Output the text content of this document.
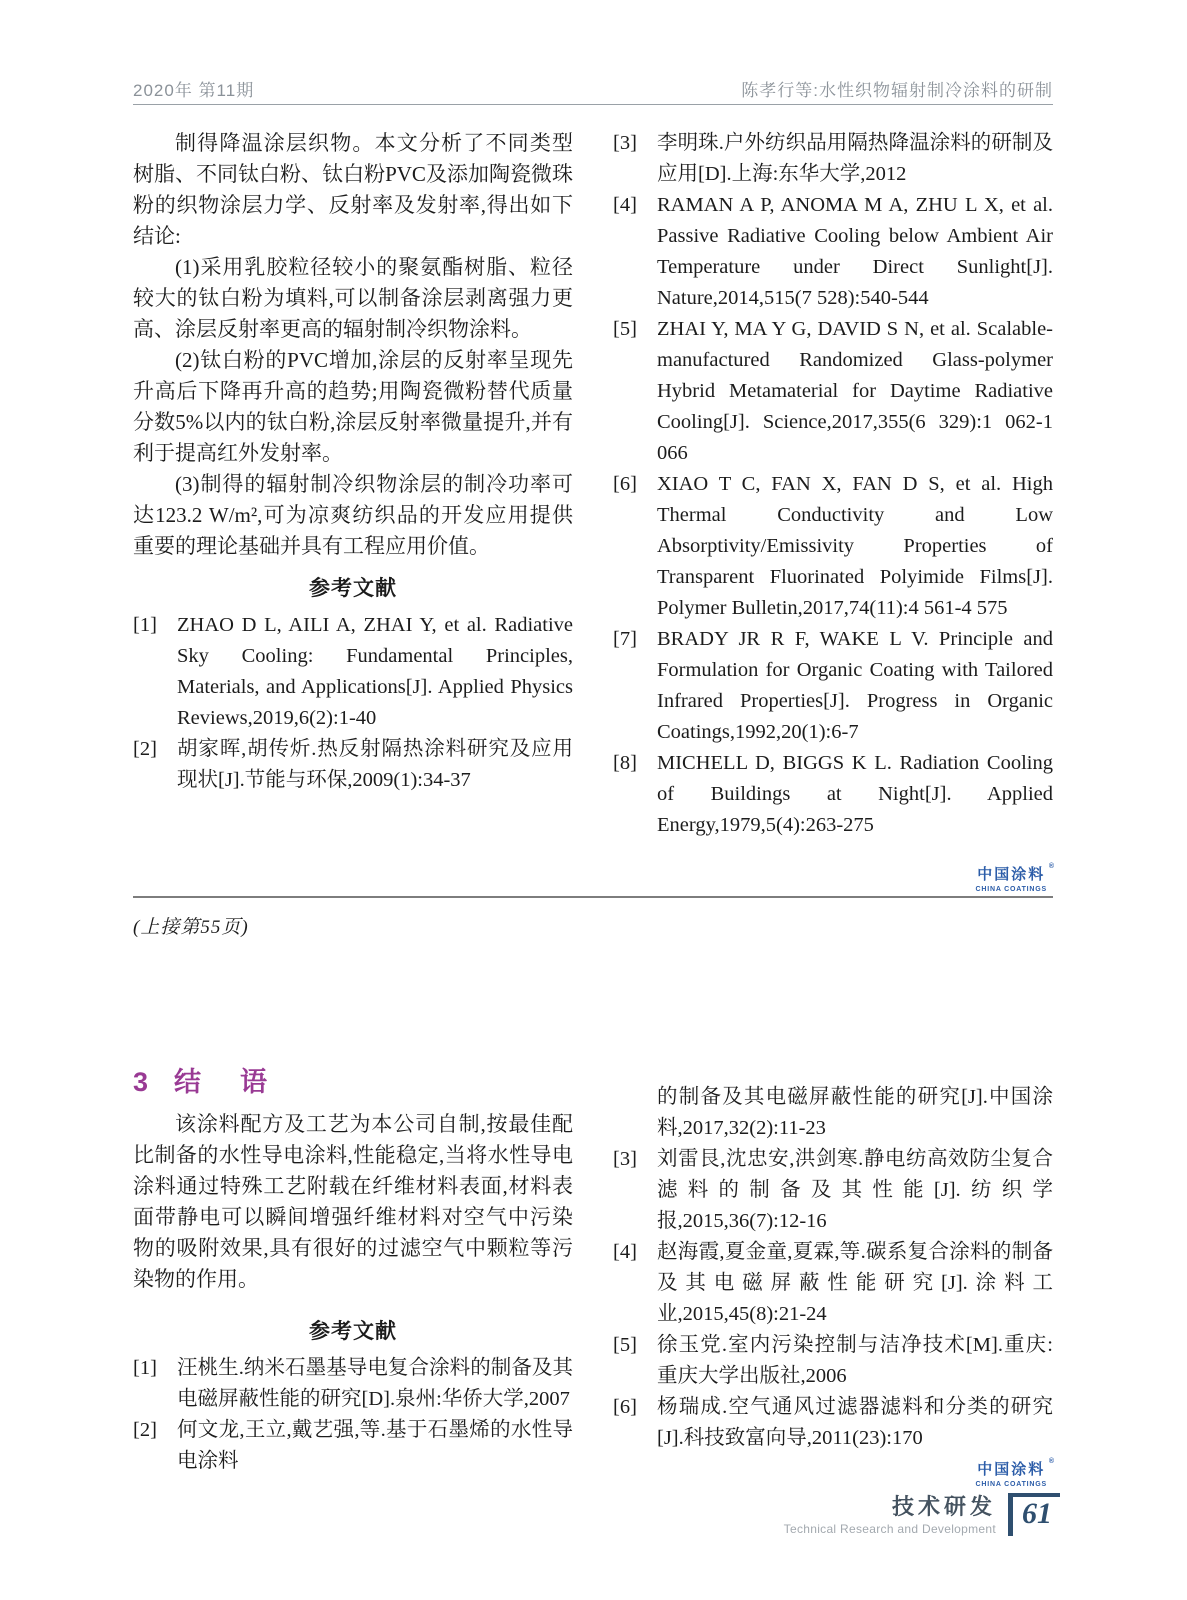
2020年 第11期	陈孝行等:水性织物辐射制冷涂料的研制

制得降温涂层织物。本文分析了不同类型树脂、不同钛白粉、钛白粉PVC及添加陶瓷微珠粉的织物涂层力学、反射率及发射率,得出如下结论:

(1)采用乳胶粒径较小的聚氨酯树脂、粒径较大的钛白粉为填料,可以制备涂层剥离强力更高、涂层反射率更高的辐射制冷织物涂料。

(2)钛白粉的PVC增加,涂层的反射率呈现先升高后下降再升高的趋势;用陶瓷微粉替代质量分数5%以内的钛白粉,涂层反射率微量提升,并有利于提高红外发射率。

(3)制得的辐射制冷织物涂层的制冷功率可达123.2 W/m²,可为凉爽纺织品的开发应用提供重要的理论基础并具有工程应用价值。

参考文献
[1] ZHAO D L, AILI A, ZHAI Y, et al. Radiative Sky Cooling: Fundamental Principles, Materials, and Applications[J]. Applied Physics Reviews,2019,6(2):1-40
[2] 胡家晖,胡传炘.热反射隔热涂料研究及应用现状[J].节能与环保,2009(1):34-37
[3] 李明珠.户外纺织品用隔热降温涂料的研制及应用[D].上海:东华大学,2012
[4] RAMAN A P, ANOMA M A, ZHU L X, et al. Passive Radiative Cooling below Ambient Air Temperature under Direct Sunlight[J]. Nature,2014,515(7 528):540-544
[5] ZHAI Y, MA Y G, DAVID S N, et al. Scalable-manufactured Randomized Glass-polymer Hybrid Metamaterial for Daytime Radiative Cooling[J]. Science,2017,355(6 329):1 062-1 066
[6] XIAO T C, FAN X, FAN D S, et al. High Thermal Conductivity and Low Absorptivity/Emissivity Properties of Transparent Fluorinated Polyimide Films[J]. Polymer Bulletin,2017,74(11):4 561-4 575
[7] BRADY JR R F, WAKE L V. Principle and Formulation for Organic Coating with Tailored Infrared Properties[J]. Progress in Organic Coatings,1992,20(1):6-7
[8] MICHELL D, BIGGS K L. Radiation Cooling of Buildings at Night[J]. Applied Energy,1979,5(4):263-275
中国涂料 ®
CHINA COATINGS
(上接第55页)
3 结　语

该涂料配方及工艺为本公司自制,按最佳配比制备的水性导电涂料,性能稳定,当将水性导电涂料通过特殊工艺附载在纤维材料表面,材料表面带静电可以瞬间增强纤维材料对空气中污染物的吸附效果,具有很好的过滤空气中颗粒等污染物的作用。

参考文献
[1] 汪桃生.纳米石墨基导电复合涂料的制备及其电磁屏蔽性能的研究[D].泉州:华侨大学,2007
[2] 何文龙,王立,戴艺强,等.基于石墨烯的水性导电涂料
的制备及其电磁屏蔽性能的研究[J].中国涂料,2017,32(2):11-23
[3] 刘雷艮,沈忠安,洪剑寒.静电纺高效防尘复合滤料的制备及其性能[J].纺织学报,2015,36(7):12-16
[4] 赵海霞,夏金童,夏霖,等.碳系复合涂料的制备及其电磁屏蔽性能研究[J].涂料工业,2015,45(8):21-24
[5] 徐玉党.室内污染控制与洁净技术[M].重庆:重庆大学出版社,2006
[6] 杨瑞成.空气通风过滤器滤料和分类的研究[J].科技致富向导,2011(23):170
中国涂料 ®
CHINA COATINGS
技术研发
Technical Research and Development 61
